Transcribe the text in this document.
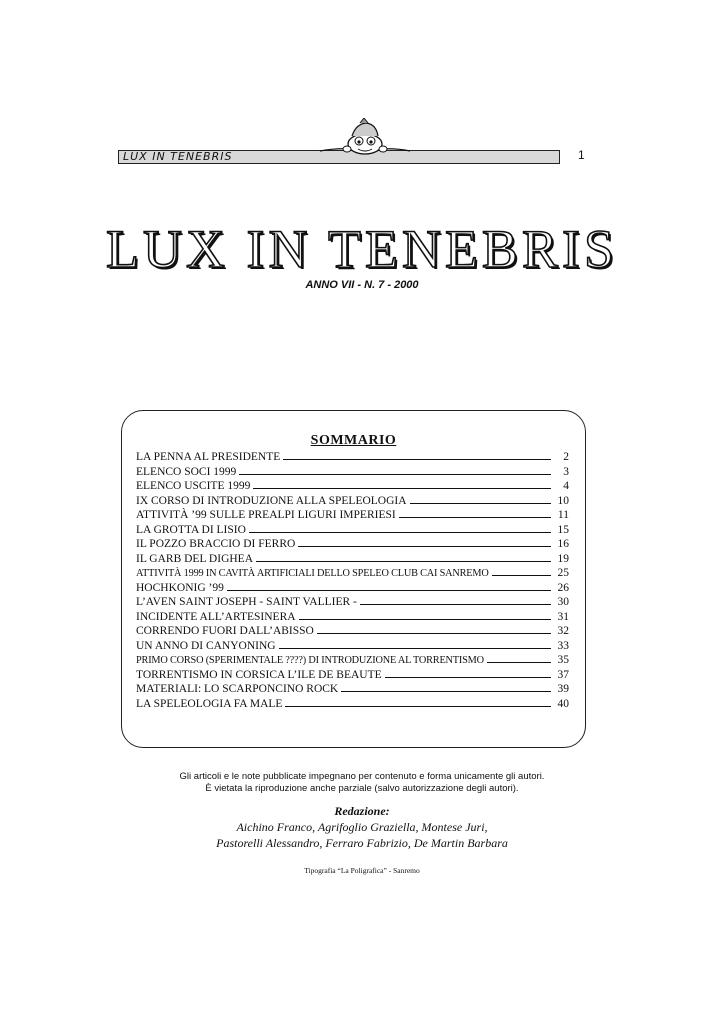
LUX IN TENEBRIS	1
LUX IN TENEBRIS
ANNO VII - N. 7 - 2000
SOMMARIO
LA PENNA AL PRESIDENTE	2
ELENCO SOCI 1999	3
ELENCO USCITE 1999	4
IX CORSO DI INTRODUZIONE ALLA SPELEOLOGIA	10
ATTIVITÀ ’99 SULLE PREALPI LIGURI IMPERIESI	11
LA GROTTA DI LISIO	15
IL POZZO BRACCIO DI FERRO	16
IL GARB DEL DIGHEA	19
ATTIVITÀ 1999 IN CAVITÀ ARTIFICIALI DELLO SPELEO CLUB CAI SANREMO	25
HOCHKONIG ’99	26
L’AVEN SAINT JOSEPH - SAINT VALLIER -	30
INCIDENTE ALL’ARTESINERA	31
CORRENDO FUORI DALL’ABISSO	32
UN ANNO DI CANYONING	33
PRIMO CORSO (SPERIMENTALE ????) DI INTRODUZIONE AL TORRENTISMO	35
TORRENTISMO IN CORSICA L’ILE DE BEAUTE	37
MATERIALI: LO SCARPONCINO ROCK	39
LA SPELEOLOGIA FA MALE	40
Gli articoli e le note pubblicate impegnano per contenuto e forma unicamente gli autori.
È vietata la riproduzione anche parziale (salvo autorizzazione degli autori).
Redazione:
Aichino Franco, Agrifoglio Graziella, Montese Juri,
Pastorelli Alessandro, Ferraro Fabrizio, De Martin Barbara
Tipografia “La Poligrafica” - Sanremo
